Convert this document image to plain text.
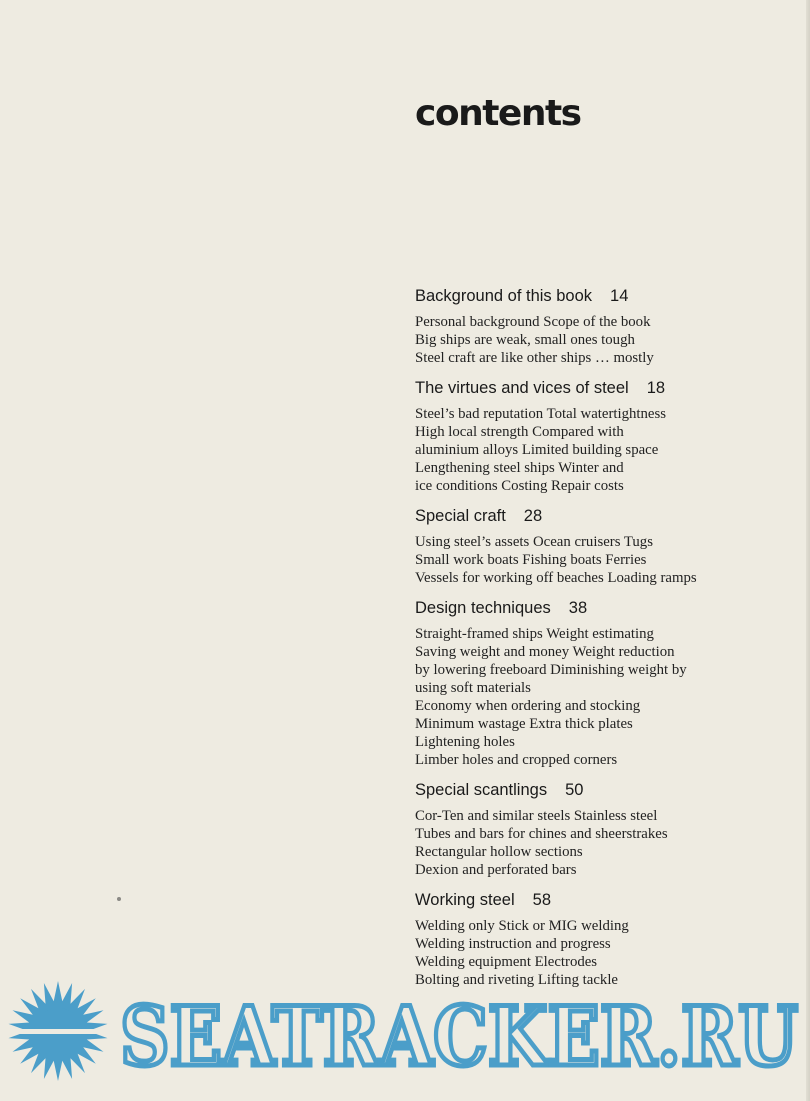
contents
Background of this book 14
Personal background Scope of the book
Big ships are weak, small ones tough
Steel craft are like other ships … mostly
The virtues and vices of steel 18
Steel’s bad reputation Total watertightness
High local strength Compared with
aluminium alloys Limited building space
Lengthening steel ships Winter and
ice conditions Costing Repair costs
Special craft 28
Using steel’s assets Ocean cruisers Tugs
Small work boats Fishing boats Ferries
Vessels for working off beaches Loading ramps
Design techniques 38
Straight-framed ships Weight estimating
Saving weight and money Weight reduction
by lowering freeboard Diminishing weight by
using soft materials
Economy when ordering and stocking
Minimum wastage Extra thick plates
Lightening holes
Limber holes and cropped corners
Special scantlings 50
Cor-Ten and similar steels Stainless steel
Tubes and bars for chines and sheerstrakes
Rectangular hollow sections
Dexion and perforated bars
Working steel 58
Welding only Stick or MIG welding
Welding instruction and progress
Welding equipment Electrodes
Bolting and riveting Lifting tackle
SEATRACKER.RU
